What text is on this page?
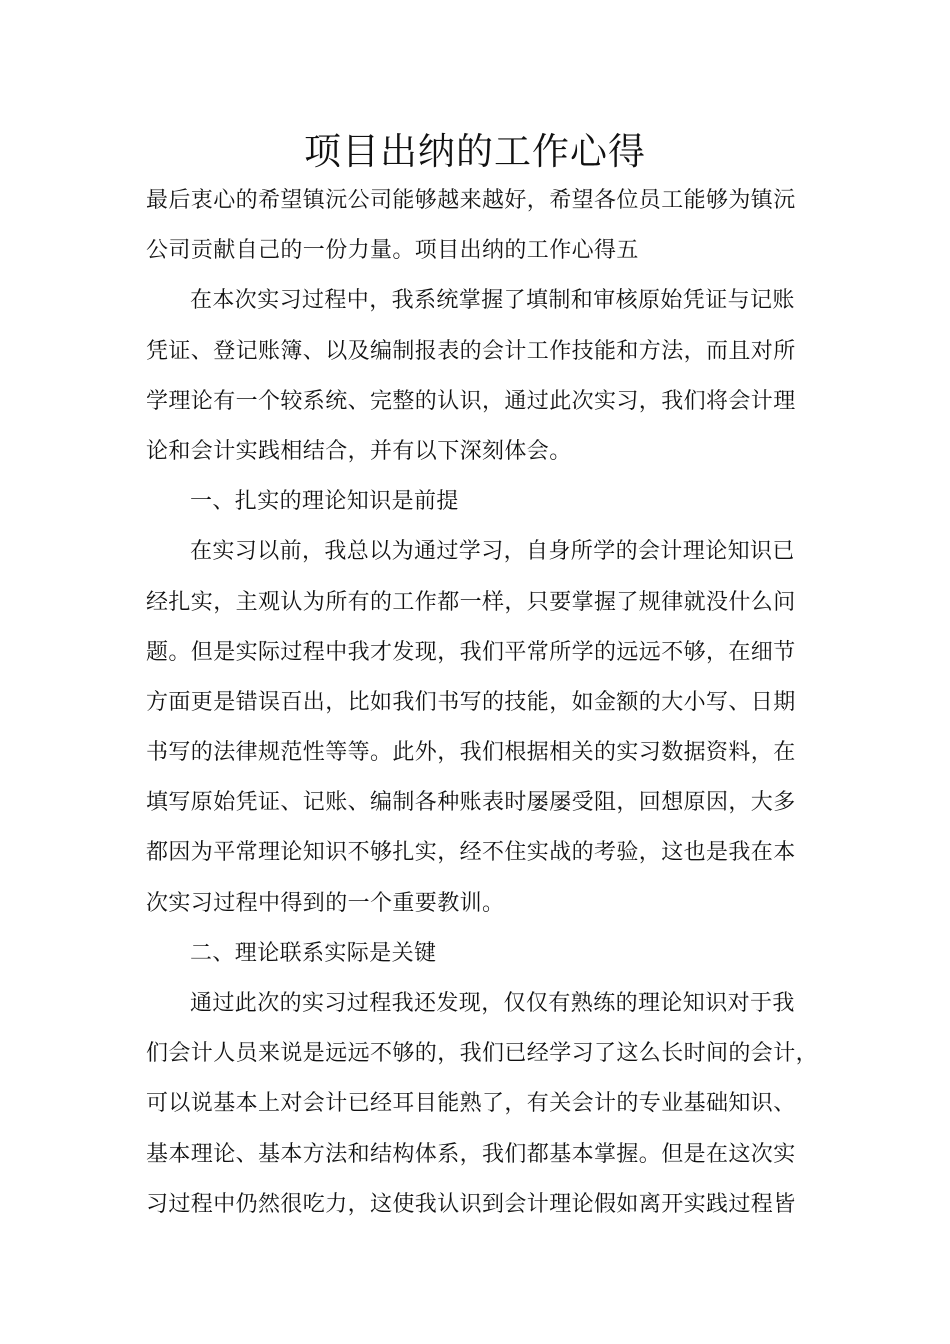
项目出纳的工作心得
最后衷心的希望镇沅公司能够越来越好，希望各位员工能够为镇沅
公司贡献自己的一份力量。项目出纳的工作心得五
在本次实习过程中，我系统掌握了填制和审核原始凭证与记账
凭证、登记账簿、以及编制报表的会计工作技能和方法，而且对所
学理论有一个较系统、完整的认识，通过此次实习，我们将会计理
论和会计实践相结合，并有以下深刻体会。
一、扎实的理论知识是前提
在实习以前，我总以为通过学习，自身所学的会计理论知识已
经扎实，主观认为所有的工作都一样，只要掌握了规律就没什么问
题。但是实际过程中我才发现，我们平常所学的远远不够，在细节
方面更是错误百出，比如我们书写的技能，如金额的大小写、日期
书写的法律规范性等等。此外，我们根据相关的实习数据资料，在
填写原始凭证、记账、编制各种账表时屡屡受阻，回想原因，大多
都因为平常理论知识不够扎实，经不住实战的考验，这也是我在本
次实习过程中得到的一个重要教训。
二、理论联系实际是关键
通过此次的实习过程我还发现，仅仅有熟练的理论知识对于我
们会计人员来说是远远不够的，我们已经学习了这么长时间的会计，
可以说基本上对会计已经耳目能熟了，有关会计的专业基础知识、
基本理论、基本方法和结构体系，我们都基本掌握。但是在这次实
习过程中仍然很吃力，这使我认识到会计理论假如离开实践过程皆
